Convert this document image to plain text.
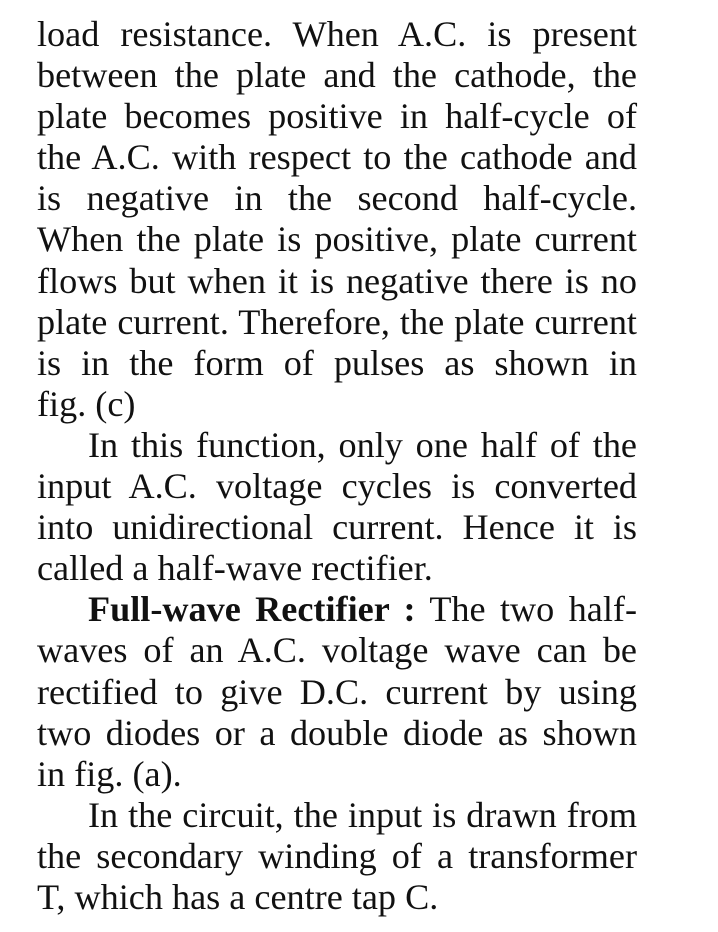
load resistance. When A.C. is present
between the plate and the cathode, the
plate becomes positive in half-cycle of
the A.C. with respect to the cathode and
is negative in the second half-cycle.
When the plate is positive, plate current
flows but when it is negative there is no
plate current. Therefore, the plate current
is in the form of pulses as shown in
fig. (c)
In this function, only one half of the
input A.C. voltage cycles is converted
into unidirectional current. Hence it is
called a half-wave rectifier.
Full-wave Rectifier : The two half-
waves of an A.C. voltage wave can be
rectified to give D.C. current by using
two diodes or a double diode as shown
in fig. (a).
In the circuit, the input is drawn from
the secondary winding of a transformer
T, which has a centre tap C.
